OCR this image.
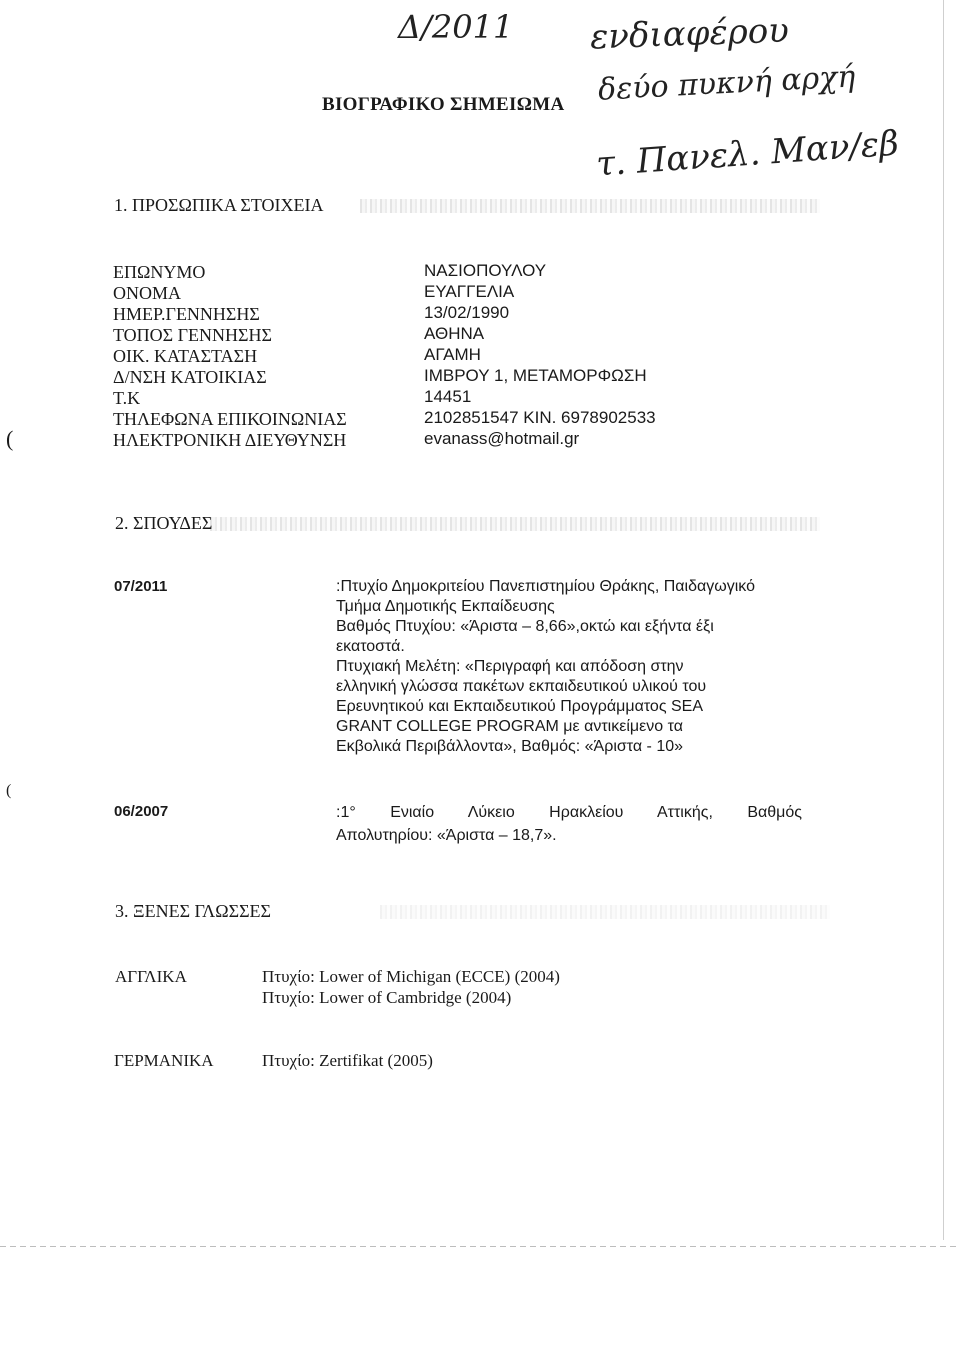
Δ/2011 ενδιαφέρου
δεύο πυκνή αρχή
τ. Πανελ. Μαν/εβ
ΒΙΟΓΡΑΦΙΚΟ ΣΗΜΕΙΩΜΑ
1. ΠΡΟΣΩΠΙΚΑ ΣΤΟΙΧΕΙΑ
ΕΠΩΝΥΜΟ	ΝΑΣΙΟΠΟΥΛΟΥ
ΟΝΟΜΑ	ΕΥΑΓΓΕΛΙΑ
ΗΜΕΡ.ΓΕΝΝΗΣΗΣ	13/02/1990
ΤΟΠΟΣ ΓΕΝΝΗΣΗΣ	ΑΘΗΝΑ
ΟΙΚ. ΚΑΤΑΣΤΑΣΗ	ΑΓΑΜΗ
Δ/ΝΣΗ ΚΑΤΟΙΚΙΑΣ	ΙΜΒΡΟΥ 1, ΜΕΤΑΜΟΡΦΩΣΗ
Τ.Κ	14451
ΤΗΛΕΦΩΝΑ ΕΠΙΚΟΙΝΩΝΙΑΣ	2102851547 ΚΙΝ. 6978902533
ΗΛΕΚΤΡΟΝΙΚΗ ΔΙΕΥΘΥΝΣΗ	evanass@hotmail.gr
(
2. ΣΠΟΥΔΕΣ
07/2011	:Πτυχίο Δημοκριτείου Πανεπιστημίου Θράκης, Παιδαγωγικό
Τμήμα Δημοτικής Εκπαίδευσης
Βαθμός Πτυχίου: «Άριστα – 8,66»,οκτώ και εξήντα έξι
εκατοστά.
Πτυχιακή Μελέτη: «Περιγραφή και απόδοση στην
ελληνική γλώσσα πακέτων εκπαιδευτικού υλικού του
Ερευνητικού και Εκπαιδευτικού Προγράμματος SEA
GRANT COLLEGE PROGRAM με αντικείμενο τα
Εκβολικά Περιβάλλοντα», Βαθμός: «Άριστα - 10»
(
06/2007	:1° Ενιαίο Λύκειο Ηρακλείου Αττικής, Βαθμός
Απολυτηρίου: «Άριστα – 18,7».
3. ΞΕΝΕΣ ΓΛΩΣΣΕΣ
ΑΓΓΛΙΚΑ	Πτυχίο: Lower of Michigan (ECCE) (2004)
Πτυχίο: Lower of Cambridge (2004)
ΓΕΡΜΑΝΙΚΑ	Πτυχίο: Zertifikat (2005)
